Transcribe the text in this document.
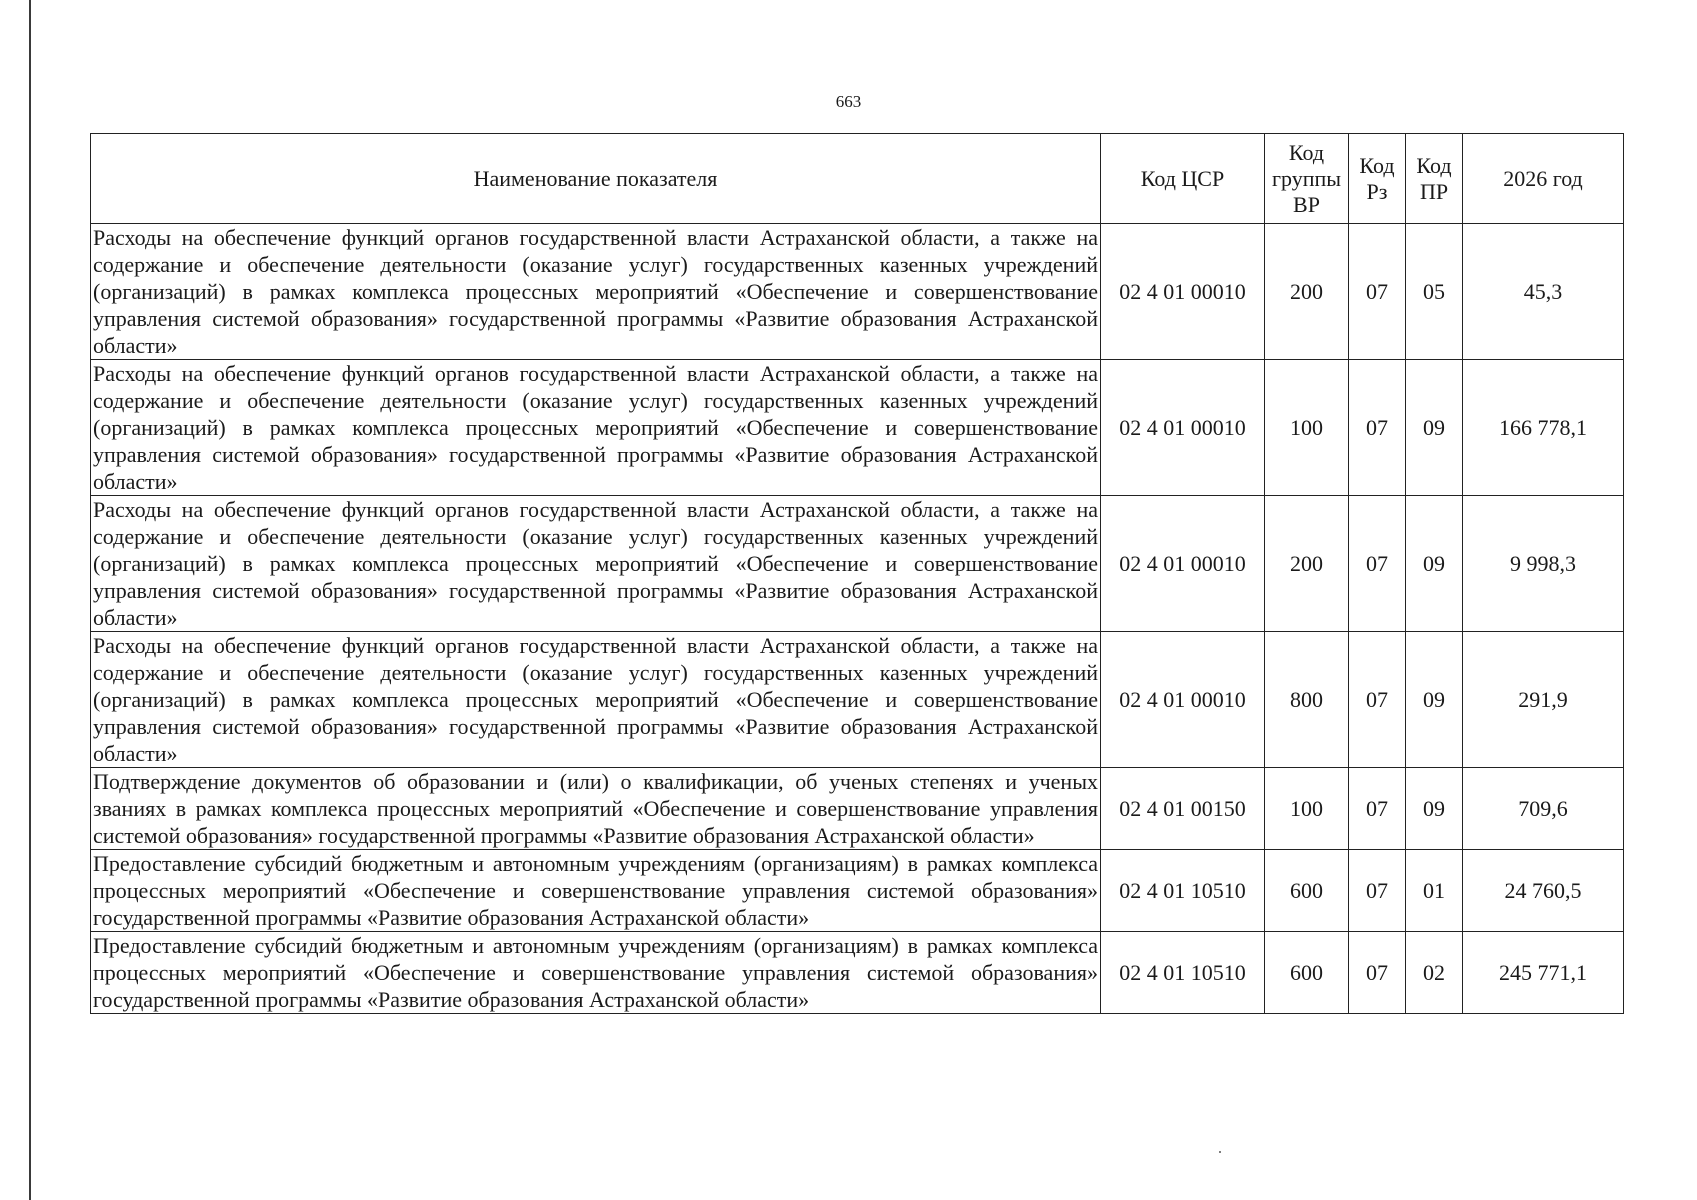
663
Наименование показателя	Код ЦСР	Код группы ВР	Код Рз	Код ПР	2026 год
Расходы на обеспечение функций органов государственной власти Астраханской области, а также на содержание и обеспечение деятельности (оказание услуг) государственных казенных учреждений (организаций) в рамках комплекса процессных мероприятий «Обеспечение и совершенствование управления системой образования» государственной программы «Развитие образования Астраханской области»	02 4 01 00010	200	07	05	45,3
Расходы на обеспечение функций органов государственной власти Астраханской области, а также на содержание и обеспечение деятельности (оказание услуг) государственных казенных учреждений (организаций) в рамках комплекса процессных мероприятий «Обеспечение и совершенствование управления системой образования» государственной программы «Развитие образования Астраханской области»	02 4 01 00010	100	07	09	166 778,1
Расходы на обеспечение функций органов государственной власти Астраханской области, а также на содержание и обеспечение деятельности (оказание услуг) государственных казенных учреждений (организаций) в рамках комплекса процессных мероприятий «Обеспечение и совершенствование управления системой образования» государственной программы «Развитие образования Астраханской области»	02 4 01 00010	200	07	09	9 998,3
Расходы на обеспечение функций органов государственной власти Астраханской области, а также на содержание и обеспечение деятельности (оказание услуг) государственных казенных учреждений (организаций) в рамках комплекса процессных мероприятий «Обеспечение и совершенствование управления системой образования» государственной программы «Развитие образования Астраханской области»	02 4 01 00010	800	07	09	291,9
Подтверждение документов об образовании и (или) о квалификации, об ученых степенях и ученых званиях в рамках комплекса процессных мероприятий «Обеспечение и совершенствование управления системой образования» государственной программы «Развитие образования Астраханской области»	02 4 01 00150	100	07	09	709,6
Предоставление субсидий бюджетным и автономным учреждениям (организациям) в рамках комплекса процессных мероприятий «Обеспечение и совершенствование управления системой образования» государственной программы «Развитие образования Астраханской области»	02 4 01 10510	600	07	01	24 760,5
Предоставление субсидий бюджетным и автономным учреждениям (организациям) в рамках комплекса процессных мероприятий «Обеспечение и совершенствование управления системой образования» государственной программы «Развитие образования Астраханской области»	02 4 01 10510	600	07	02	245 771,1
